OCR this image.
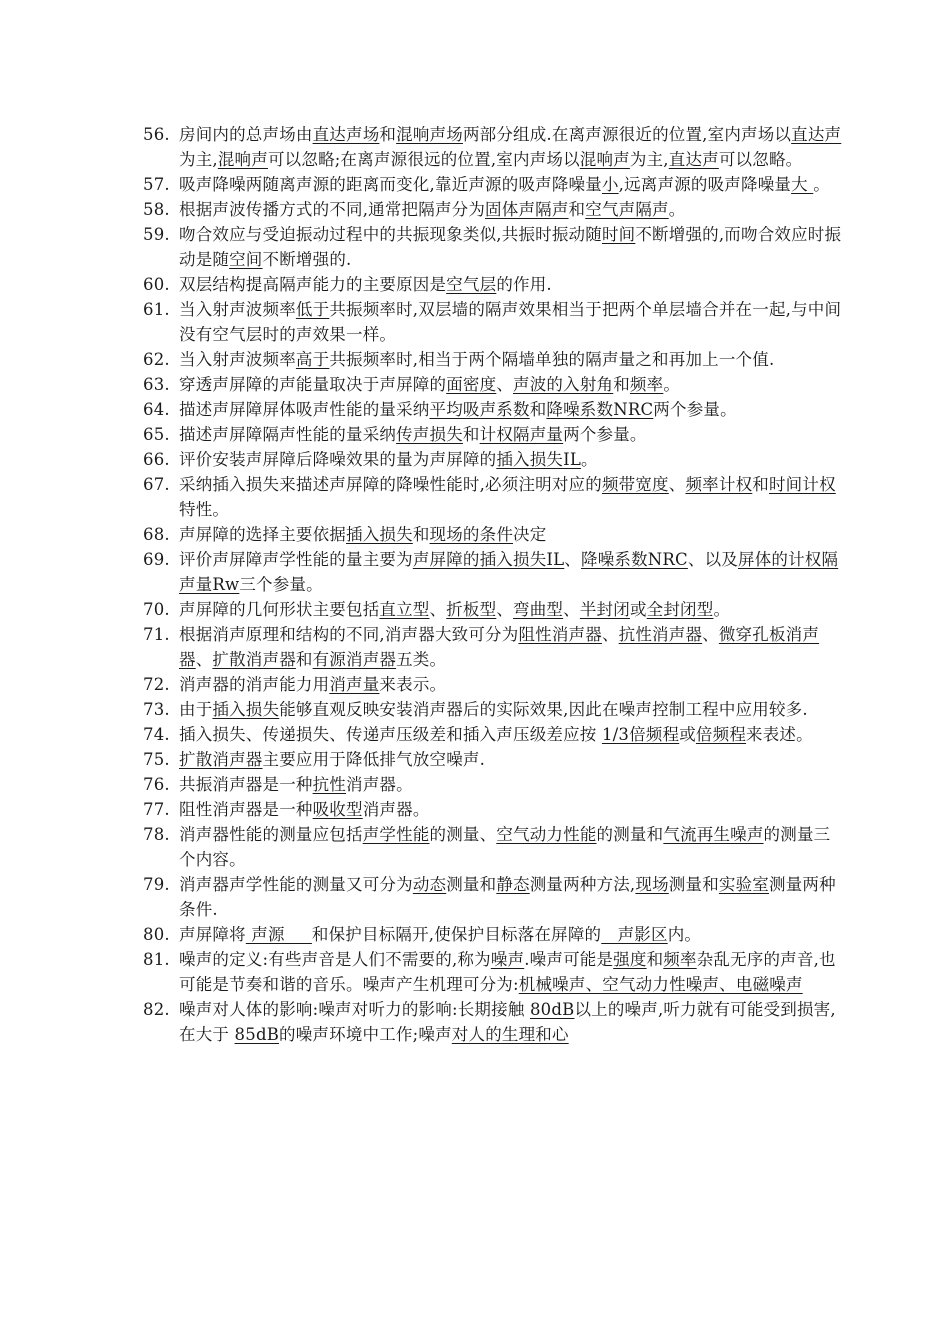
56. 房间内的总声场由直达声场和混响声场两部分组成.在离声源很近的位置,室内声场以直达声为主,混响声可以忽略;在离声源很远的位置,室内声场以混响声为主,直达声可以忽略。
57. 吸声降噪两随离声源的距离而变化,靠近声源的吸声降噪量小,远离声源的吸声降噪量大 。
58. 根据声波传播方式的不同,通常把隔声分为固体声隔声和空气声隔声。
59. 吻合效应与受迫振动过程中的共振现象类似,共振时振动随时间不断增强的,而吻合效应时振动是随空间不断增强的.
60. 双层结构提高隔声能力的主要原因是空气层的作用.
61. 当入射声波频率低于共振频率时,双层墙的隔声效果相当于把两个单层墙合并在一起,与中间没有空气层时的声效果一样。
62. 当入射声波频率高于共振频率时,相当于两个隔墙单独的隔声量之和再加上一个值.
63. 穿透声屏障的声能量取决于声屏障的面密度、声波的入射角和频率。
64. 描述声屏障屏体吸声性能的量采纳平均吸声系数和降噪系数NRC两个参量。
65. 描述声屏障隔声性能的量采纳传声损失和计权隔声量两个参量。
66. 评价安装声屏障后降噪效果的量为声屏障的插入损失IL。
67. 采纳插入损失来描述声屏障的降噪性能时,必须注明对应的频带宽度、频率计权和时间计权特性。
68. 声屏障的选择主要依据插入损失和现场的条件决定
69. 评价声屏障声学性能的量主要为声屏障的插入损失IL、降噪系数NRC、以及屏体的计权隔声量Rw三个参量。
70. 声屏障的几何形状主要包括直立型、折板型、弯曲型、半封闭或全封闭型。
71. 根据消声原理和结构的不同,消声器大致可分为阻性消声器、抗性消声器、微穿孔板消声器、扩散消声器和有源消声器五类。
72. 消声器的消声能力用消声量来表示。
73. 由于插入损失能够直观反映安装消声器后的实际效果,因此在噪声控制工程中应用较多.
74. 插入损失、传递损失、传递声压级差和插入声压级差应按 1/3倍频程或倍频程来表述。
75. 扩散消声器主要应用于降低排气放空噪声.
76. 共振消声器是一种抗性消声器。
77. 阻性消声器是一种吸收型消声器。
78. 消声器性能的测量应包括声学性能的测量、空气动力性能的测量和气流再生噪声的测量三个内容。
79. 消声器声学性能的测量又可分为动态测量和静态测量两种方法,现场测量和实验室测量两种条件.
80. 声屏障将 声源     和保护目标隔开,使保护目标落在屏障的   声影区内。
81. 噪声的定义:有些声音是人们不需要的,称为噪声.噪声可能是强度和频率杂乱无序的声音,也可能是节奏和谐的音乐。噪声产生机理可分为:机械噪声、空气动力性噪声、电磁噪声
82. 噪声对人体的影响:噪声对听力的影响:长期接触 80dB以上的噪声,听力就有可能受到损害,在大于 85dB的噪声环境中工作;噪声对人的生理和心
